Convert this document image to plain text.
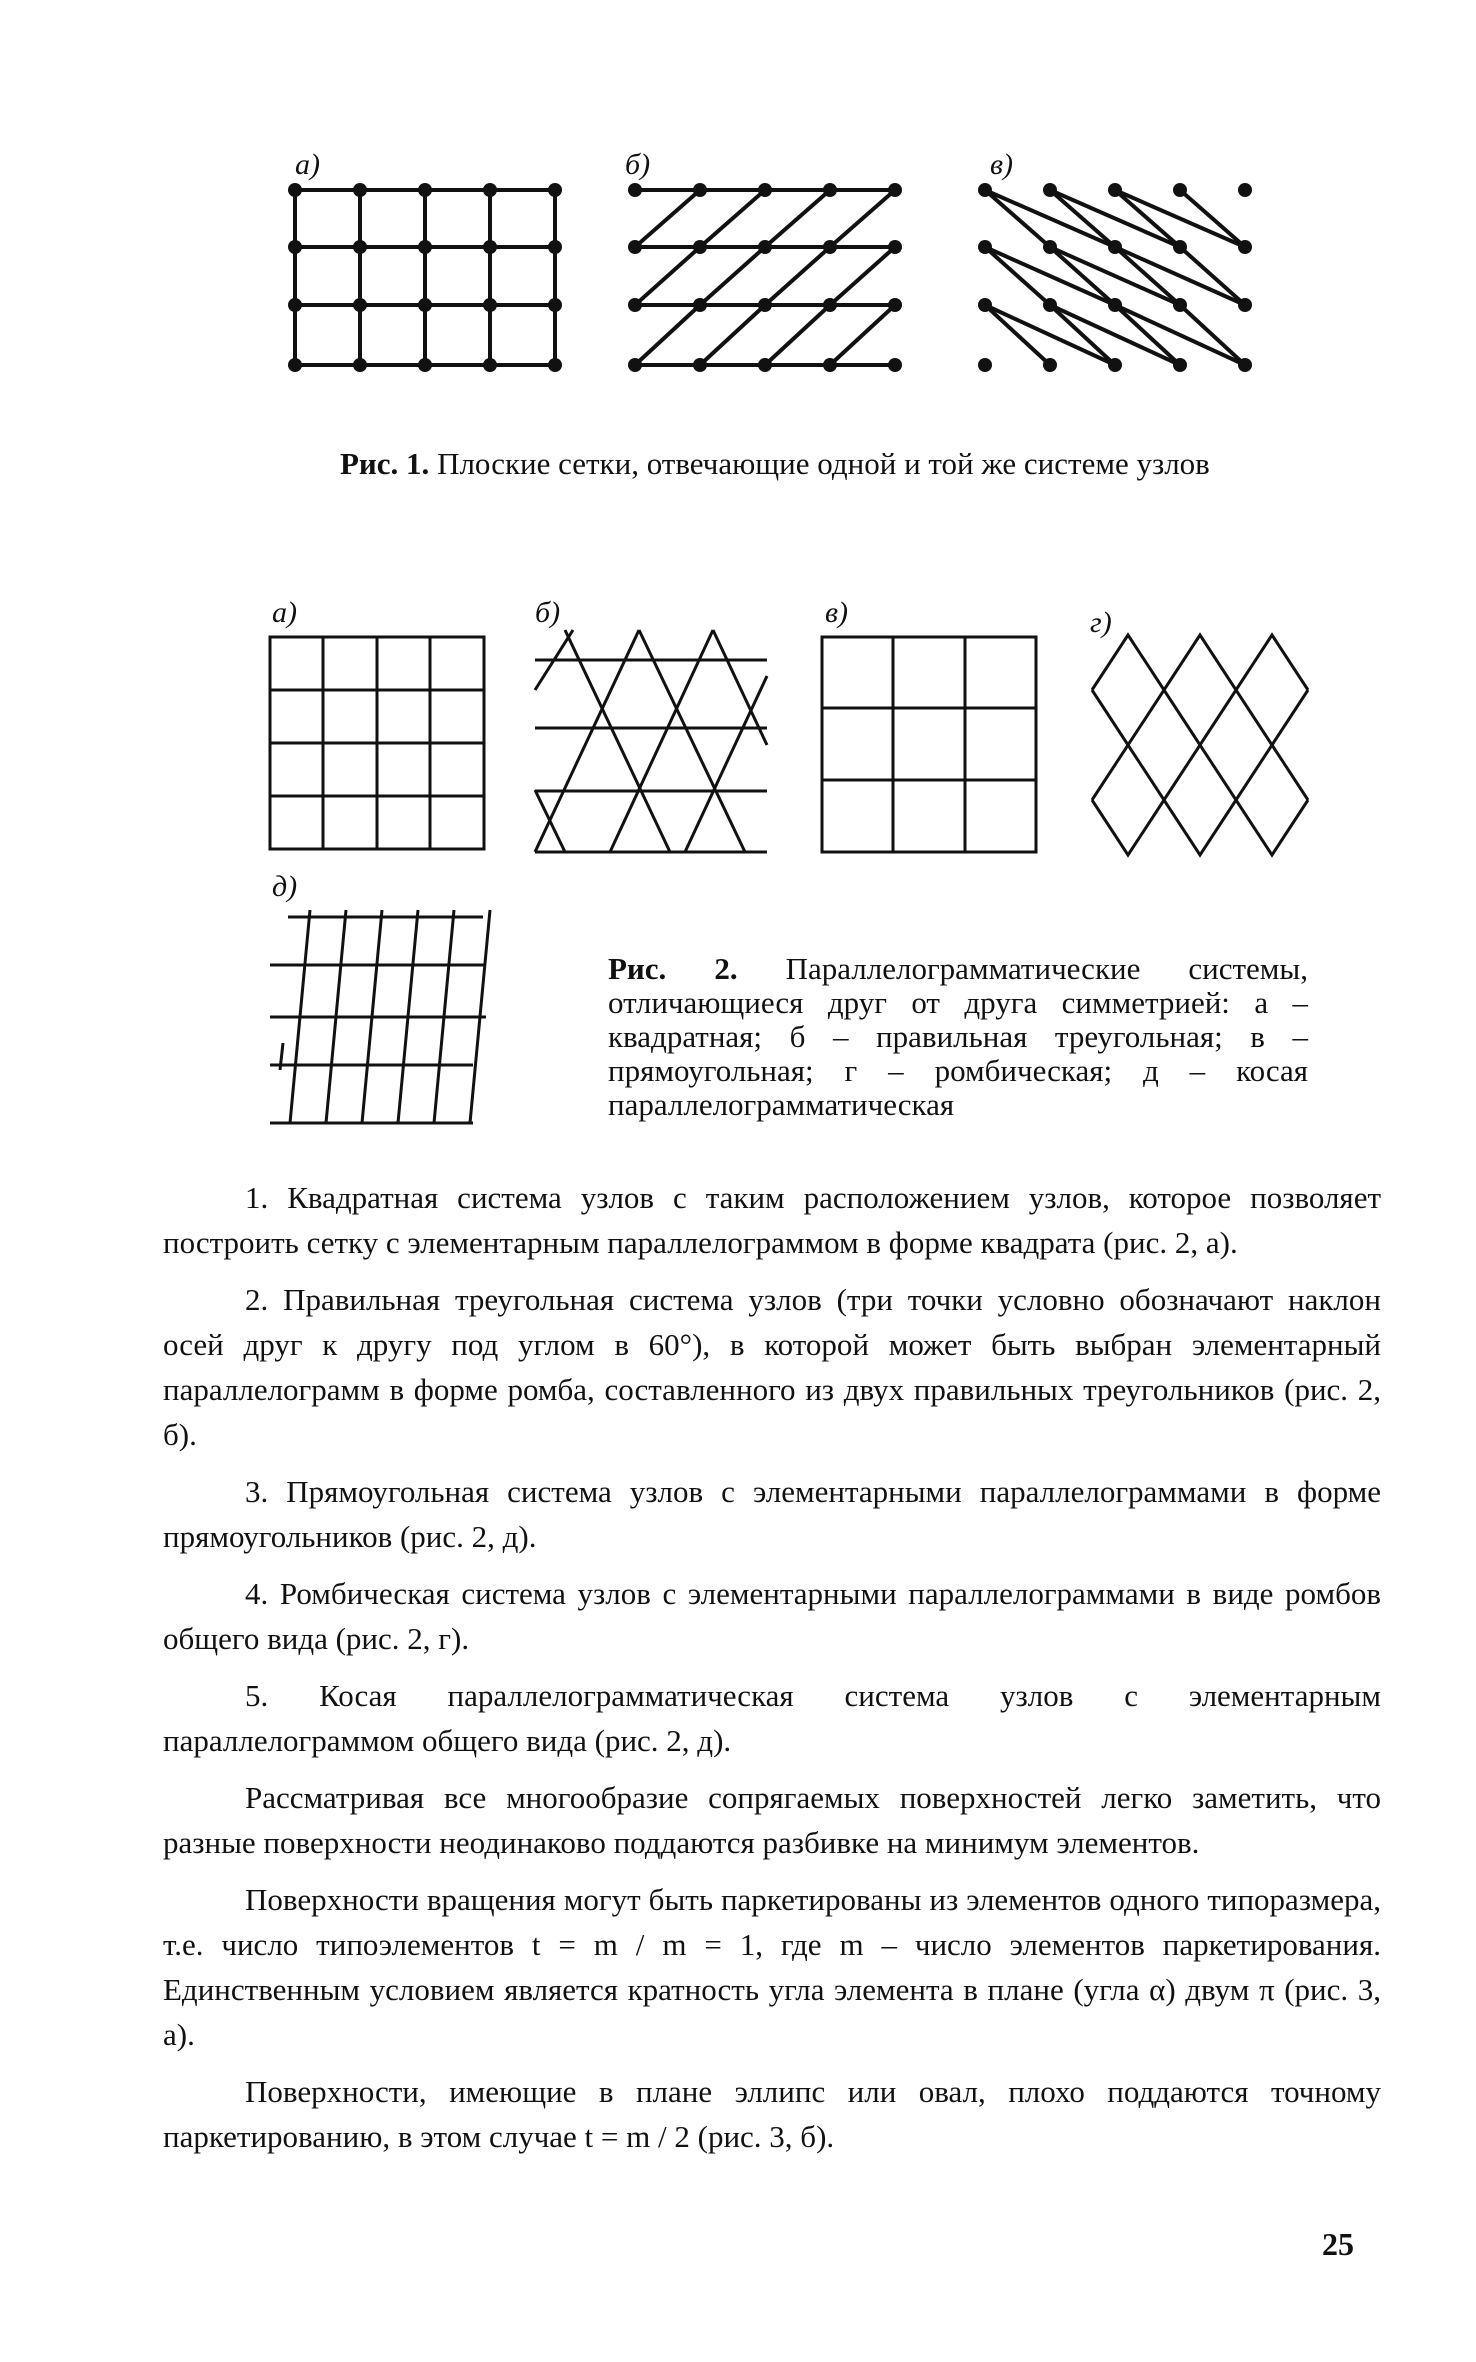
а)	б)	в)
Рис. 1. Плоские сетки, отвечающие одной и той же системе узлов
а)	б)	в)	г)
д)
Рис. 2. Параллелограмматические системы, отличающиеся друг от друга симметрией: а – квадратная; б – правильная треугольная; в – прямоугольная; г – ромбическая; д – косая параллелограмматическая

1. Квадратная система узлов с таким расположением узлов, которое позволяет построить сетку с элементарным параллелограммом в форме квадрата (рис. 2, а).

2. Правильная треугольная система узлов (три точки условно обозначают наклон осей друг к другу под углом в 60°), в которой может быть выбран элементарный параллелограмм в форме ромба, составленного из двух правильных треугольников (рис. 2, б).

3. Прямоугольная система узлов с элементарными параллелограммами в форме прямоугольников (рис. 2, д).

4. Ромбическая система узлов с элементарными параллелограммами в виде ромбов общего вида (рис. 2, г).

5. Косая параллелограмматическая система узлов с элементарным параллелограммом общего вида (рис. 2, д).

Рассматривая все многообразие сопрягаемых поверхностей легко заметить, что разные поверхности неодинаково поддаются разбивке на минимум элементов.

Поверхности вращения могут быть паркетированы из элементов одного типоразмера, т.е. число типоэлементов t = m / m = 1, где m – число элементов паркетирования. Единственным условием является кратность угла элемента в плане (угла α) двум π (рис. 3, а).

Поверхности, имеющие в плане эллипс или овал, плохо поддаются точному паркетированию, в этом случае t = m / 2 (рис. 3, б).

25
